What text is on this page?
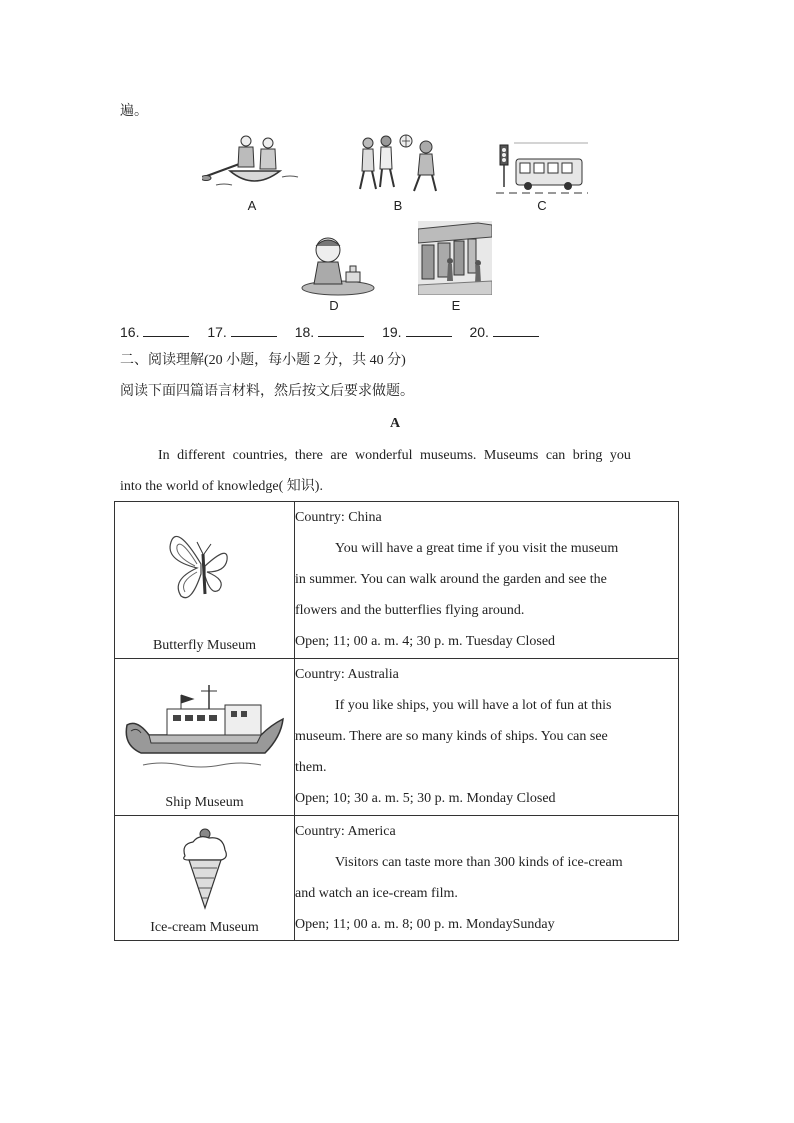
遍。
A	B	C
D	E
16.	17.	18.	19.	20.
二、阅读理解(20 小题，每小题 2 分，共 40 分)
阅读下面四篇语言材料，然后按文后要求做题。
A
In different countries, there are wonderful museums. Museums can bring you
into the world of knowledge( 知识).
Butterfly Museum	Country: China
You will have a great time if you visit the museum
in summer. You can walk around the garden and see the
flowers and the butterflies flying around.
Open; 11; 00 a. m. 4; 30 p. m. Tuesday Closed

Ship Museum	Country: Australia
If you like ships, you will have a lot of fun at this
museum. There are so many kinds of ships. You can see
them.
Open; 10; 30 a. m. 5; 30 p. m. Monday Closed

Ice-cream Museum	Country: America
Visitors can taste more than 300 kinds of ice-cream
and watch an ice-cream film.
Open; 11; 00 a. m. 8; 00 p. m. MondaySunday
